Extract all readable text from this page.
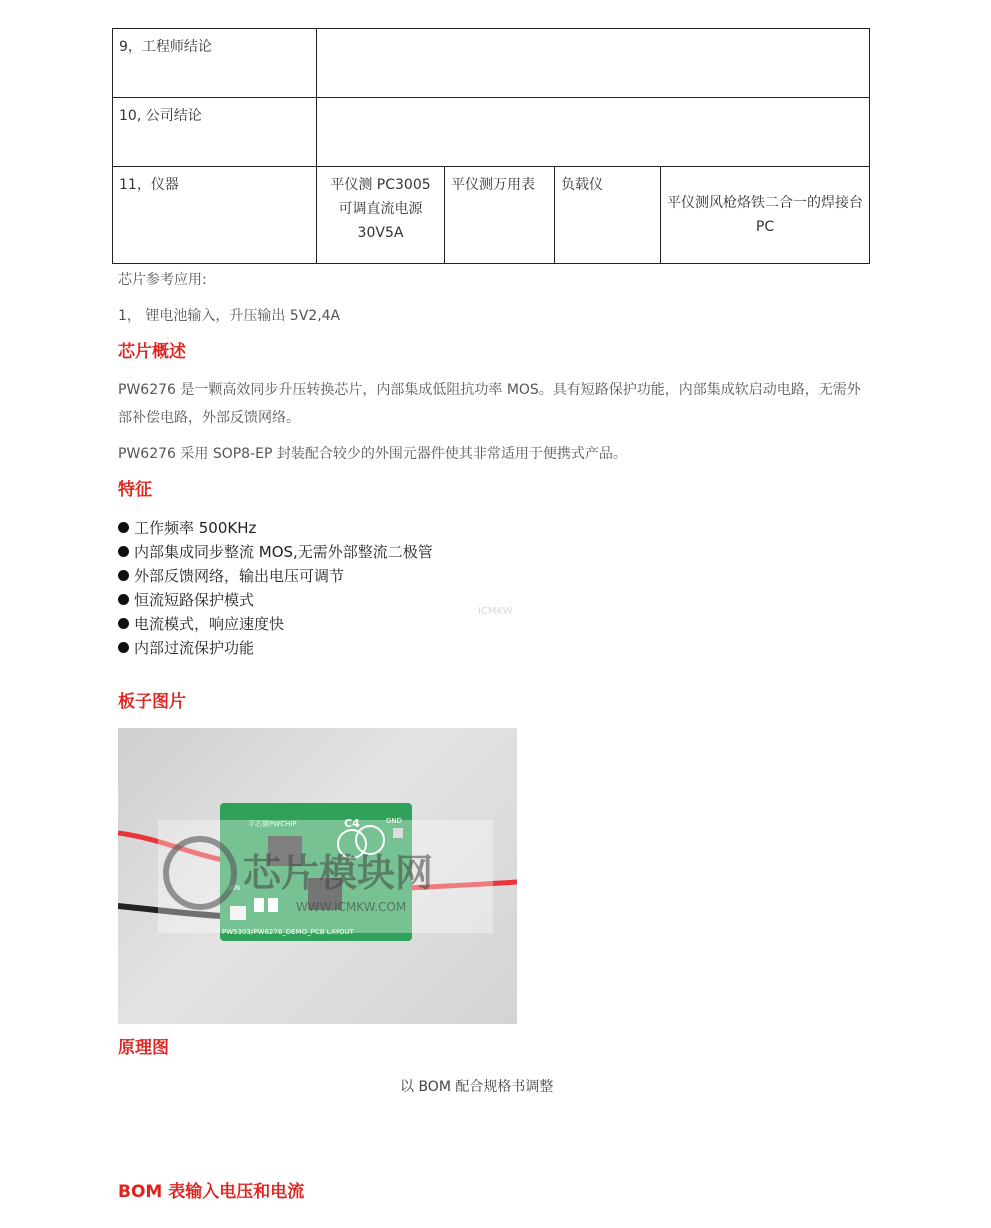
9，工程师结论				
10, 公司结论				
11，仪器	平仪测 PC3005 可调直流电源 30V5A	平仪测万用表	负载仪	平仪测风枪烙铁二合一的焊接台 PC
芯片参考应用:
1， 锂电池输入，升压输出 5V2,4A
芯片概述
PW6276 是一颗高效同步升压转换芯片，内部集成低阻抗功率 MOS。具有短路保护功能，内部集成软启动电路，无需外部补偿电路，外部反馈网络。
PW6276 采用 SOP8-EP 封装配合较少的外围元器件使其非常适用于便携式产品。
特征
工作频率 500KHz
内部集成同步整流 MOS,无需外部整流二极管
外部反馈网络，输出电压可调节
恒流短路保护模式
电流模式，响应速度快
内部过流保护功能
ICMKW
板子图片
平芯微PWCHIP	C4	GND
VIN
PW5303/PW6276_DEMO_PCB LAYOUT
芯片模块网
WWW.ICMKW.COM
原理图
以 BOM 配合规格书调整
BOM 表输入电压和电流
